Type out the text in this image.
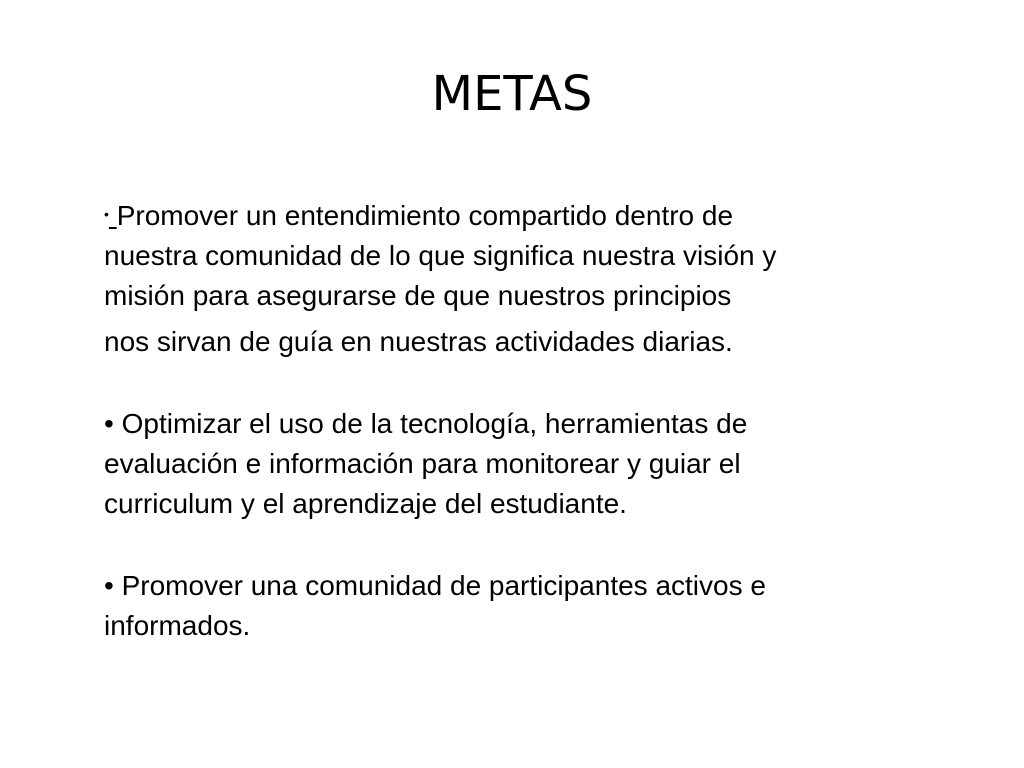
METAS

• Promover un entendimiento compartido dentro de
nuestra comunidad de lo que significa nuestra visión y
misión para asegurarse de que nuestros principios
nos sirvan de guía en nuestras actividades diarias.

• Optimizar el uso de la tecnología, herramientas de
evaluación e información para monitorear y guiar el
curriculum y el aprendizaje del estudiante.

• Promover una comunidad de participantes activos e
informados.
